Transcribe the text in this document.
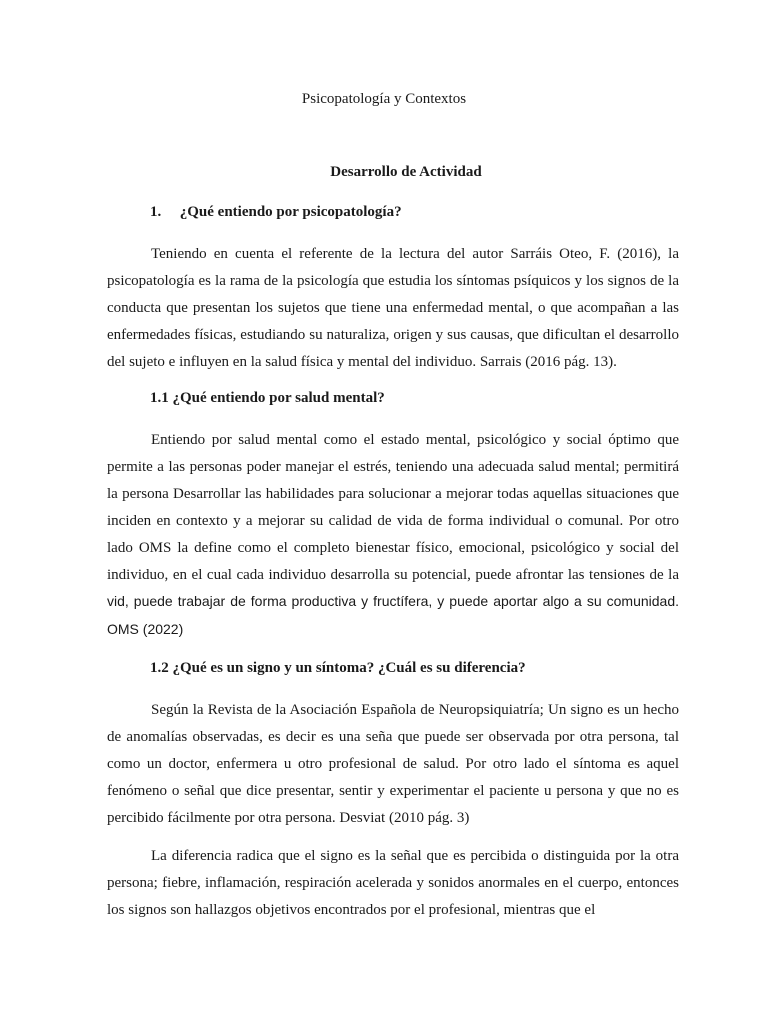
Psicopatología y Contextos
Desarrollo de Actividad
1. ¿Qué entiendo por psicopatología?

Teniendo en cuenta el referente de la lectura del autor Sarráis Oteo, F. (2016), la psicopatología es la rama de la psicología que estudia los síntomas psíquicos y los signos de la conducta que presentan los sujetos que tiene una enfermedad mental, o que acompañan a las enfermedades físicas, estudiando su naturaliza, origen y sus causas, que dificultan el desarrollo del sujeto e influyen en la salud física y mental del individuo. Sarrais (2016 pág. 13).

1.1 ¿Qué entiendo por salud mental?

Entiendo por salud mental como el estado mental, psicológico y social óptimo que permite a las personas poder manejar el estrés, teniendo una adecuada salud mental; permitirá la persona Desarrollar las habilidades para solucionar a mejorar todas aquellas situaciones que inciden en contexto y a mejorar su calidad de vida de forma individual o comunal. Por otro lado OMS la define como el completo bienestar físico, emocional, psicológico y social del individuo, en el cual cada individuo desarrolla su potencial, puede afrontar las tensiones de la vid, puede trabajar de forma productiva y fructífera, y puede aportar algo a su comunidad. OMS (2022)

1.2 ¿Qué es un signo y un síntoma? ¿Cuál es su diferencia?

Según la Revista de la Asociación Española de Neuropsiquiatría; Un signo es un hecho de anomalías observadas, es decir es una seña que puede ser observada por otra persona, tal como un doctor, enfermera u otro profesional de salud. Por otro lado el síntoma es aquel fenómeno o señal que dice presentar, sentir y experimentar el paciente u persona y que no es percibido fácilmente por otra persona. Desviat (2010 pág. 3)

La diferencia radica que el signo es la señal que es percibida o distinguida por la otra persona; fiebre, inflamación, respiración acelerada y sonidos anormales en el cuerpo, entonces los signos son hallazgos objetivos encontrados por el profesional, mientras que el
